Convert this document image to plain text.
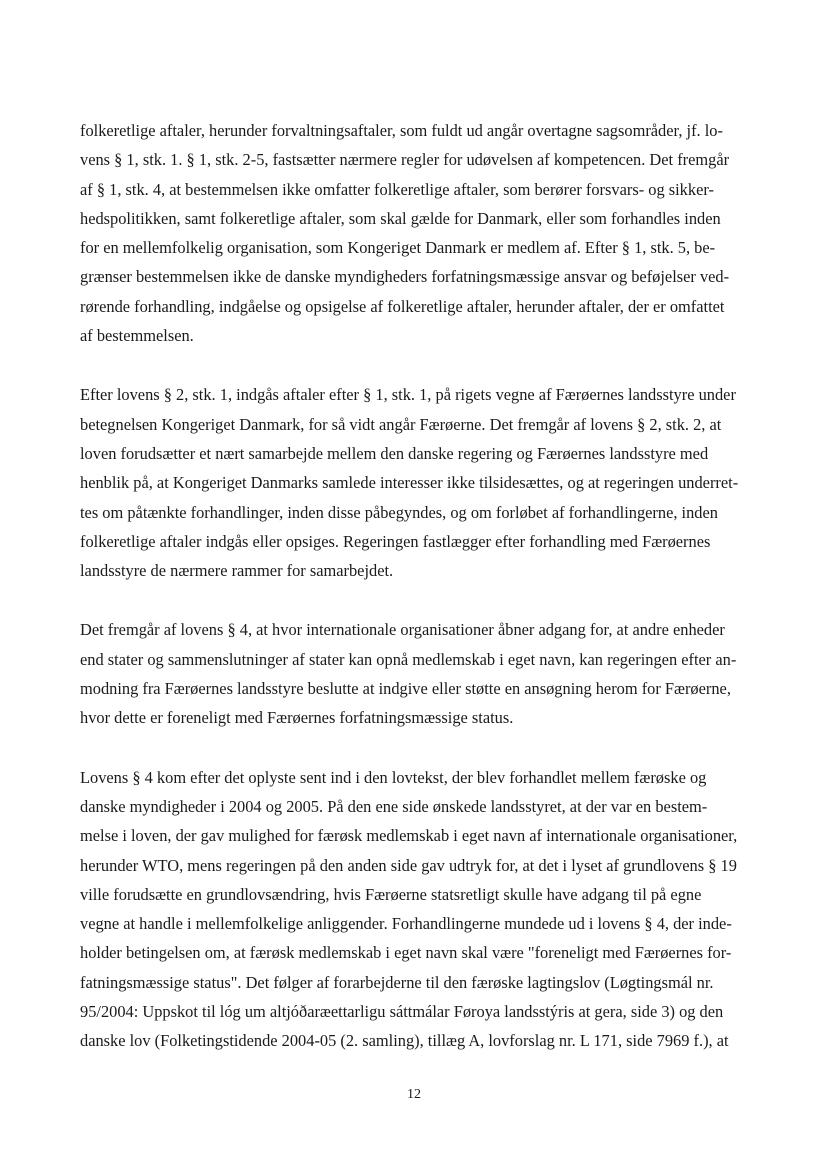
folkeretlige aftaler, herunder forvaltningsaftaler, som fuldt ud angår overtagne sagsområder, jf. lo-
vens § 1, stk. 1. § 1, stk. 2-5, fastsætter nærmere regler for udøvelsen af kompetencen. Det fremgår
af § 1, stk. 4, at bestemmelsen ikke omfatter folkeretlige aftaler, som berører forsvars- og sikker-
hedspolitikken, samt folkeretlige aftaler, som skal gælde for Danmark, eller som forhandles inden
for en mellemfolkelig organisation, som Kongeriget Danmark er medlem af. Efter § 1, stk. 5, be-
grænser bestemmelsen ikke de danske myndigheders forfatningsmæssige ansvar og beføjelser ved-
rørende forhandling, indgåelse og opsigelse af folkeretlige aftaler, herunder aftaler, der er omfattet
af bestemmelsen.
Efter lovens § 2, stk. 1, indgås aftaler efter § 1, stk. 1, på rigets vegne af Færøernes landsstyre under
betegnelsen Kongeriget Danmark, for så vidt angår Færøerne. Det fremgår af lovens § 2, stk. 2, at
loven forudsætter et nært samarbejde mellem den danske regering og Færøernes landsstyre med
henblik på, at Kongeriget Danmarks samlede interesser ikke tilsidesættes, og at regeringen underret-
tes om påtænkte forhandlinger, inden disse påbegyndes, og om forløbet af forhandlingerne, inden
folkeretlige aftaler indgås eller opsiges. Regeringen fastlægger efter forhandling med Færøernes
landsstyre de nærmere rammer for samarbejdet.
Det fremgår af lovens § 4, at hvor internationale organisationer åbner adgang for, at andre enheder
end stater og sammenslutninger af stater kan opnå medlemskab i eget navn, kan regeringen efter an-
modning fra Færøernes landsstyre beslutte at indgive eller støtte en ansøgning herom for Færøerne,
hvor dette er foreneligt med Færøernes forfatningsmæssige status.
Lovens § 4 kom efter det oplyste sent ind i den lovtekst, der blev forhandlet mellem færøske og
danske myndigheder i 2004 og 2005. På den ene side ønskede landsstyret, at der var en bestem-
melse i loven, der gav mulighed for færøsk medlemskab i eget navn af internationale organisationer,
herunder WTO, mens regeringen på den anden side gav udtryk for, at det i lyset af grundlovens § 19
ville forudsætte en grundlovsændring, hvis Færøerne statsretligt skulle have adgang til på egne
vegne at handle i mellemfolkelige anliggender. Forhandlingerne mundede ud i lovens § 4, der inde-
holder betingelsen om, at færøsk medlemskab i eget navn skal være "foreneligt med Færøernes for-
fatningsmæssige status". Det følger af forarbejderne til den færøske lagtingslov (Løgtingsmál nr.
95/2004: Uppskot til lóg um altjóðaræettarligu sáttmálar Føroya landsstýris at gera, side 3) og den
danske lov (Folketingstidende 2004-05 (2. samling), tillæg A, lovforslag nr. L 171, side 7969 f.), at
12
